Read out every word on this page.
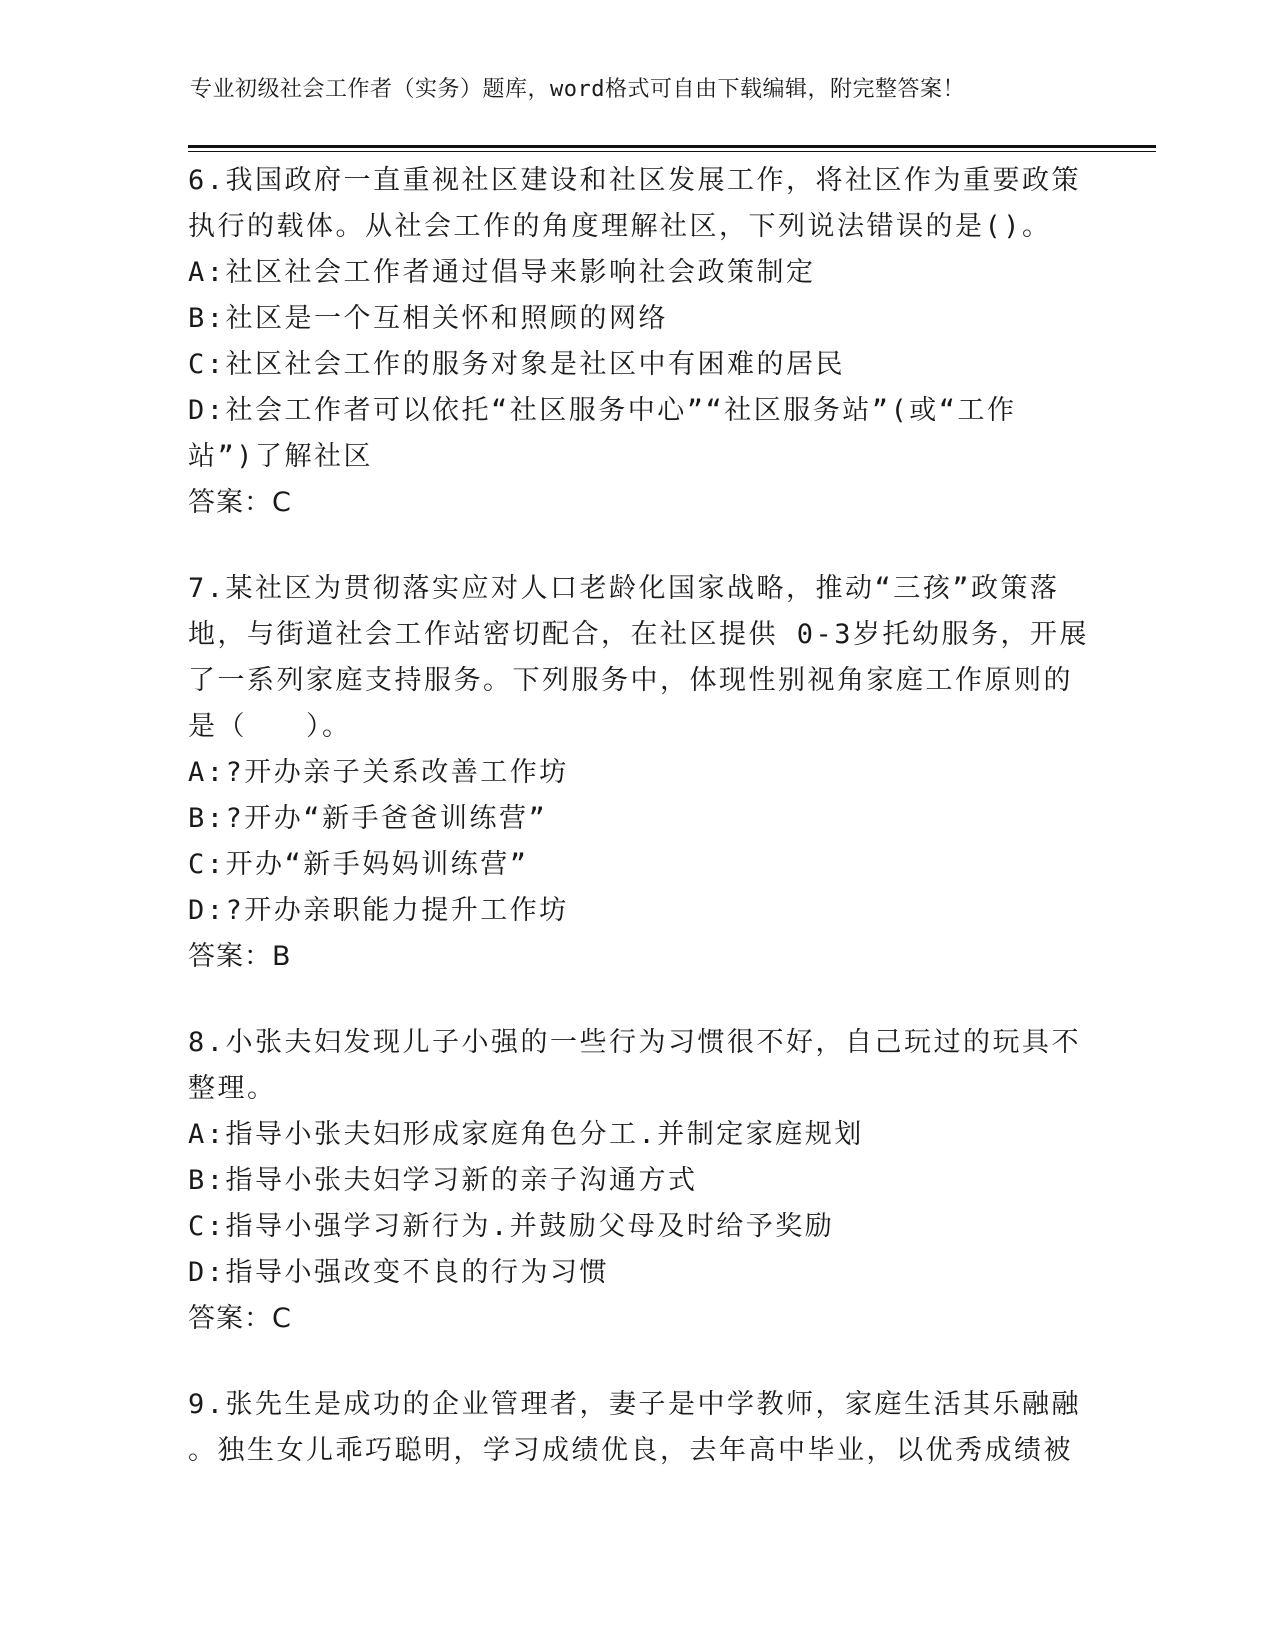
专业初级社会工作者（实务）题库，word格式可自由下载编辑，附完整答案！
6.我国政府一直重视社区建设和社区发展工作，将社区作为重要政策
执行的载体。从社会工作的角度理解社区，下列说法错误的是()。
A:社区社会工作者通过倡导来影响社会政策制定
B:社区是一个互相关怀和照顾的网络
C:社区社会工作的服务对象是社区中有困难的居民
D:社会工作者可以依托“社区服务中心”“社区服务站”(或“工作
站”)了解社区
答案：C
7.某社区为贯彻落实应对人口老龄化国家战略，推动“三孩”政策落
地，与街道社会工作站密切配合，在社区提供 0-3岁托幼服务，开展
了一系列家庭支持服务。下列服务中，体现性别视角家庭工作原则的
是（　　）。
A:?开办亲子关系改善工作坊
B:?开办“新手爸爸训练营”
C:开办“新手妈妈训练营”
D:?开办亲职能力提升工作坊
答案：B
8.小张夫妇发现儿子小强的一些行为习惯很不好，自己玩过的玩具不
整理。
A:指导小张夫妇形成家庭角色分工.并制定家庭规划
B:指导小张夫妇学习新的亲子沟通方式
C:指导小强学习新行为.并鼓励父母及时给予奖励
D:指导小强改变不良的行为习惯
答案：C
9.张先生是成功的企业管理者，妻子是中学教师，家庭生活其乐融融
。独生女儿乖巧聪明，学习成绩优良，去年高中毕业，以优秀成绩被
